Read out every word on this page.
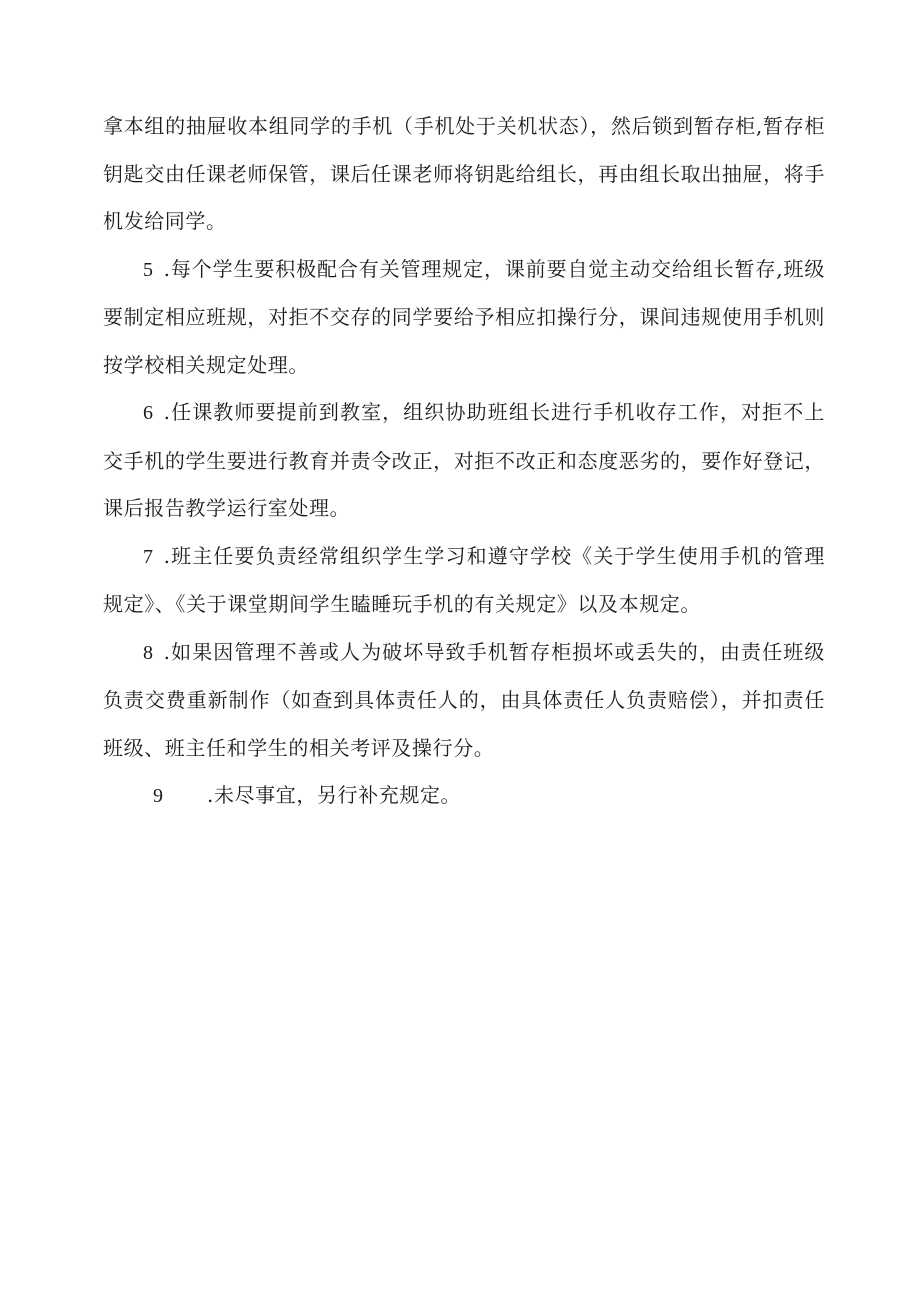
拿本组的抽屉收本组同学的手机（手机处于关机状态），然后锁到暂存柜,暂存柜钥匙交由任课老师保管，课后任课老师将钥匙给组长，再由组长取出抽屉，将手机发给同学。

5 .每个学生要积极配合有关管理规定，课前要自觉主动交给组长暂存,班级要制定相应班规，对拒不交存的同学要给予相应扣操行分，课间违规使用手机则按学校相关规定处理。

6 .任课教师要提前到教室，组织协助班组长进行手机收存工作，对拒不上交手机的学生要进行教育并责令改正，对拒不改正和态度恶劣的，要作好登记，课后报告教学运行室处理。

7 .班主任要负责经常组织学生学习和遵守学校《关于学生使用手机的管理规定》、《关于课堂期间学生瞌睡玩手机的有关规定》以及本规定。

8 .如果因管理不善或人为破坏导致手机暂存柜损坏或丢失的，由责任班级负责交费重新制作（如查到具体责任人的，由具体责任人负责赔偿），并扣责任班级、班主任和学生的相关考评及操行分。

9 .未尽事宜，另行补充规定。
